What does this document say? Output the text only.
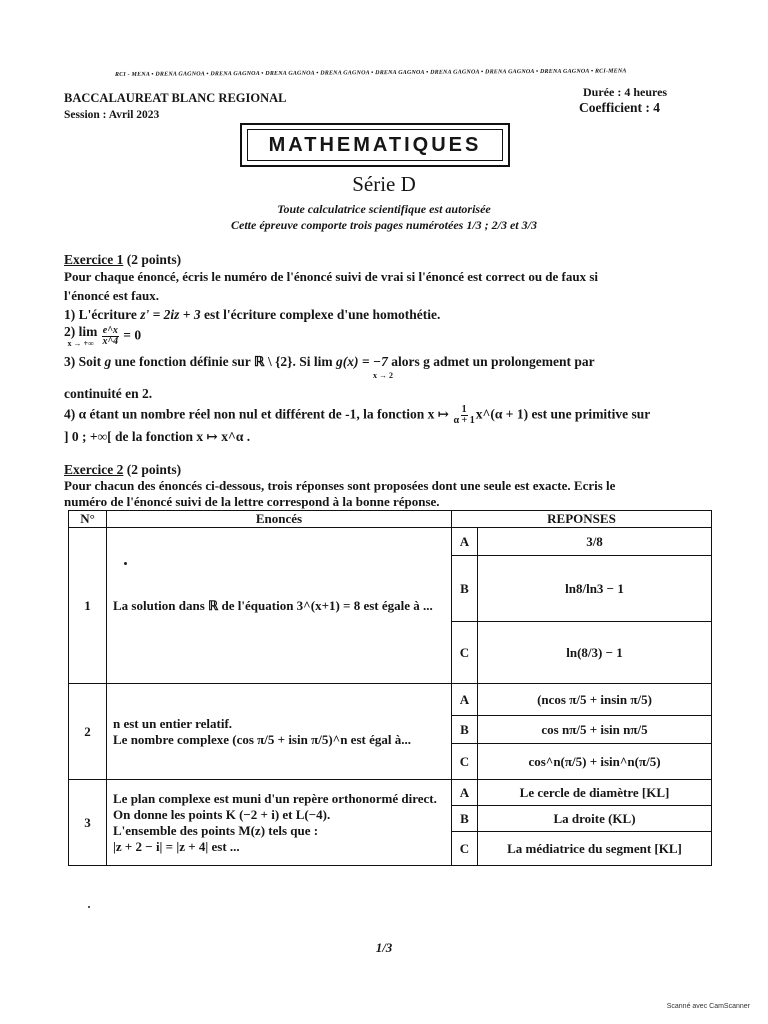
RCI - MENA • DRENA GAGNOA • DRENA GAGNOA • DRENA GAGNOA • DRENA GAGNOA • DRENA GAGNOA • DRENA GAGNOA • DRENA GAGNOA • DRENA GAGNOA • RCI-MENA
BACCALAUREAT BLANC REGIONAL
Session : Avril 2023
Durée : 4 heures
Coefficient : 4
MATHEMATIQUES
Série D
Toute calculatrice scientifique est autorisée
Cette épreuve comporte trois pages numérotées 1/3 ; 2/3 et 3/3
Exercice 1 (2 points)
Pour chaque énoncé, écris le numéro de l'énoncé suivi de vrai si l'énoncé est correct ou de faux si
l'énoncé est faux.
1) L'écriture z' = 2iz + 3 est l'écriture complexe d'une homothétie.
2) lim
x → +∞
$\frac{e\^{}x}{x\^{}4} = 0$
3) Soit g une fonction définie sur ℝ \ {2}. Si lim g(x) = −7 alors g admet un prolongement par
x → 2
continuité en 2.
4) α étant un nombre réel non nul et différent de -1, la fonction x ↦ $\frac{1}{\alpha + 1}$ x^(α + 1) est une primitive sur
] 0 ; +∞[ de la fonction x ↦ x^α .
Exercice 2 (2 points)
Pour chacun des énoncés ci-dessous, trois réponses sont proposées dont une seule est exacte. Ecris le
numéro de l'énoncé suivi de la lettre correspond à la bonne réponse.
N°	Enoncés	REPONSES	
1	La solution dans ℝ de l'équation 3^(x+1) = 8 est égale à ...	A	3/8
		B	ln8/ln3 − 1
		C	ln(8/3) − 1
2	n est un entier relatif.
Le nombre complexe (cos π/5 + isin π/5)^n est égal à...	A	(ncos π/5 + insin π/5)
		B	cos nπ/5 + isin nπ/5
		C	cos^n(π/5) + isin^n(π/5)
3	Le plan complexe est muni d'un repère orthonormé direct.
On donne les points K (−2 + i) et L(−4).
L'ensemble des points M(z) tels que :
|z + 2 − i| = |z + 4| est ...	A	Le cercle de diamètre [KL]
		B	La droite (KL)
		C	La médiatrice du segment [KL]
1/3
Scanné avec CamScanner
